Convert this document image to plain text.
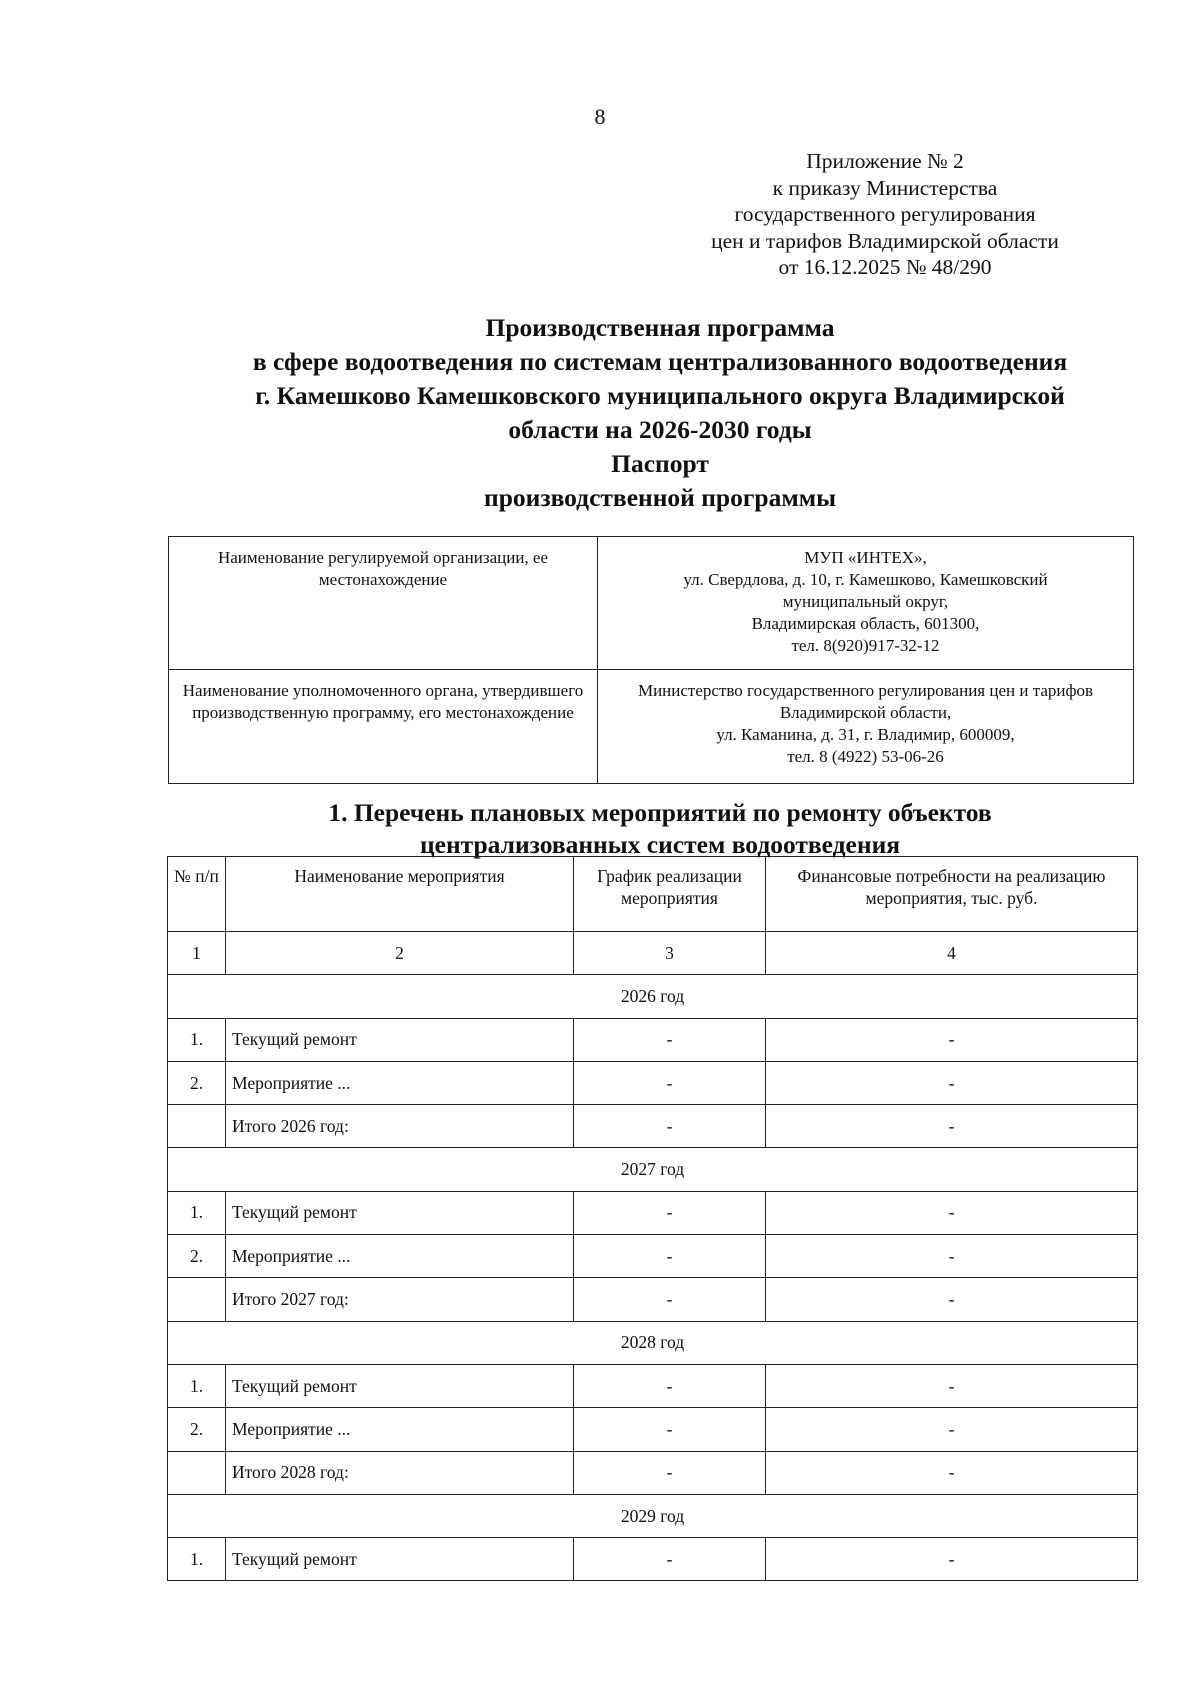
8
Приложение № 2
к приказу Министерства
государственного регулирования
цен и тарифов Владимирской области
от 16.12.2025 № 48/290
Производственная программа
в сфере водоотведения по системам централизованного водоотведения
г. Камешково Камешковского муниципального округа Владимирской
области на 2026-2030 годы
Паспорт
производственной программы
Наименование регулируемой организации, ее местонахождение	МУП «ИНТЕХ»,
ул. Свердлова, д. 10, г. Камешково, Камешковский
муниципальный округ,
Владимирская область, 601300,
тел. 8(920)917-32-12

Наименование уполномоченного органа, утвердившего производственную программу, его местонахождение	Министерство государственного регулирования цен и тарифов
Владимирской области,
ул. Каманина, д. 31, г. Владимир, 600009,
тел. 8 (4922) 53-06-26
1. Перечень плановых мероприятий по ремонту объектов
централизованных систем водоотведения
№ п/п	Наименование мероприятия	График реализации мероприятия	Финансовые потребности на реализацию мероприятия, тыс. руб.
1	2	3	4
2026 год			
1.	Текущий ремонт	-	-
2.	Мероприятие ...	-	-
	Итого 2026 год:	-	-
2027 год			
1.	Текущий ремонт	-	-
2.	Мероприятие ...	-	-
	Итого 2027 год:	-	-
2028 год			
1.	Текущий ремонт	-	-
2.	Мероприятие ...	-	-
	Итого 2028 год:	-	-
2029 год			
1.	Текущий ремонт	-	-
